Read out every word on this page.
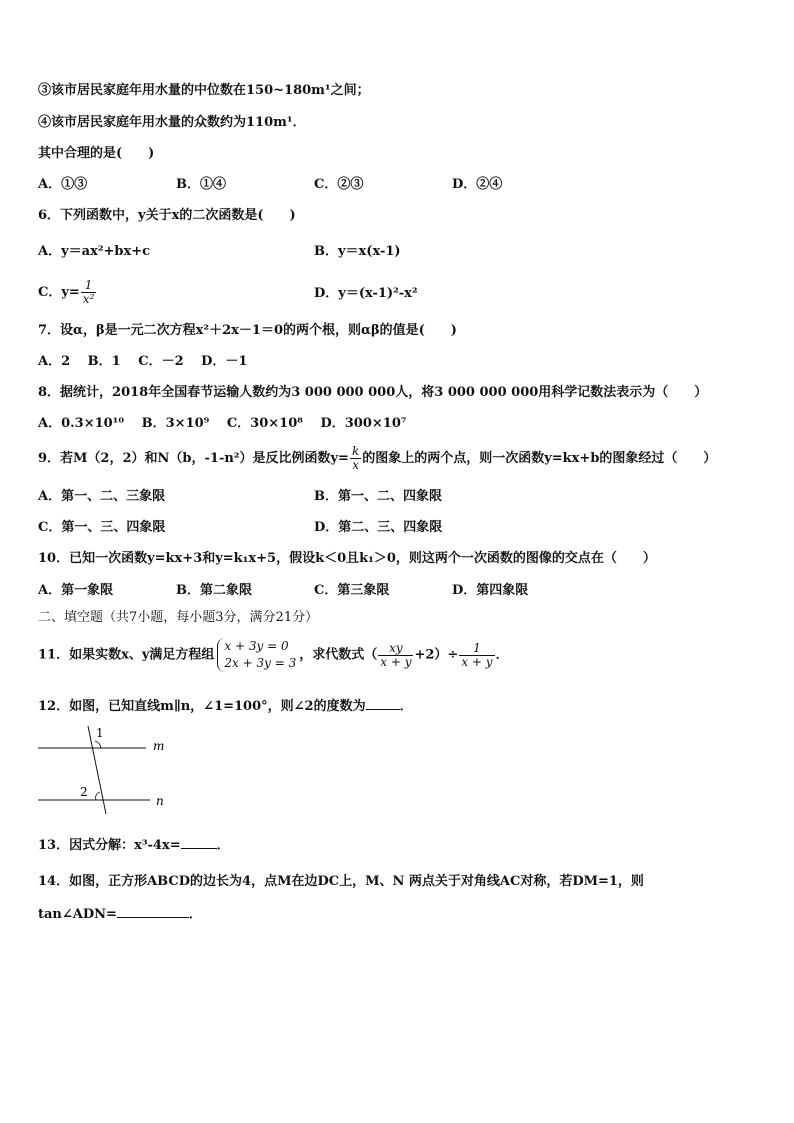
③该市居民家庭年用水量的中位数在150~180m¹之间；
④该市居民家庭年用水量的众数约为110m¹．
其中合理的是(　　)
A．①③	B．①④	C．②③	D．②④
6．下列函数中，y关于x的二次函数是(　　)
A．y＝ax²+bx+c	B．y＝x(x-1)
C．$y= \frac{1}{\text{x²}}$	D．y＝(x-1)²-x²
7．设α，β是一元二次方程x²＋2x－1＝0的两个根，则αβ的值是(　　)
A．2　 B．1　 C．－2　 D．－1
8．据统计，2018年全国春节运输人数约为3 000 000 000人，将3 000 000 000用科学记数法表示为（　　）
A．0.3×10¹⁰　 B．3×10⁹　 C．30×10⁸　 D．300×10⁷
9．若M（2，2）和N（b，-1-n²）是反比例函数$y= \frac{k}{x}$ 的图象上的两个点，则一次函数y=kx+b的图象经过（　　）
A．第一、二、三象限	B．第一、二、四象限
C．第一、三、四象限	D．第二、三、四象限
10．已知一次函数y=kx+3和y=k₁x+5，假设k＜0且k₁＞0，则这两个一次函数的图像的交点在（　　）
A．第一象限	B．第二象限	C．第三象限	D．第四象限
二、填空题（共7小题，每小题3分，满分21分）
11．如果实数x、y满足方程组
x + 3y = 0
2x + 3y = 3
，求代数式（ $\frac{xy}{x + y} +2)\div \frac{1}{x + y}$ ．
12．如图，已知直线m∥n，∠1=100°，则∠2的度数为	．
1
2
m
n
13．因式分解：x³-4x=	．
14．如图，正方形ABCD的边长为4，点M在边DC上，M、N 两点关于对角线AC对称，若DM=1，则
tan∠ADN=	．
